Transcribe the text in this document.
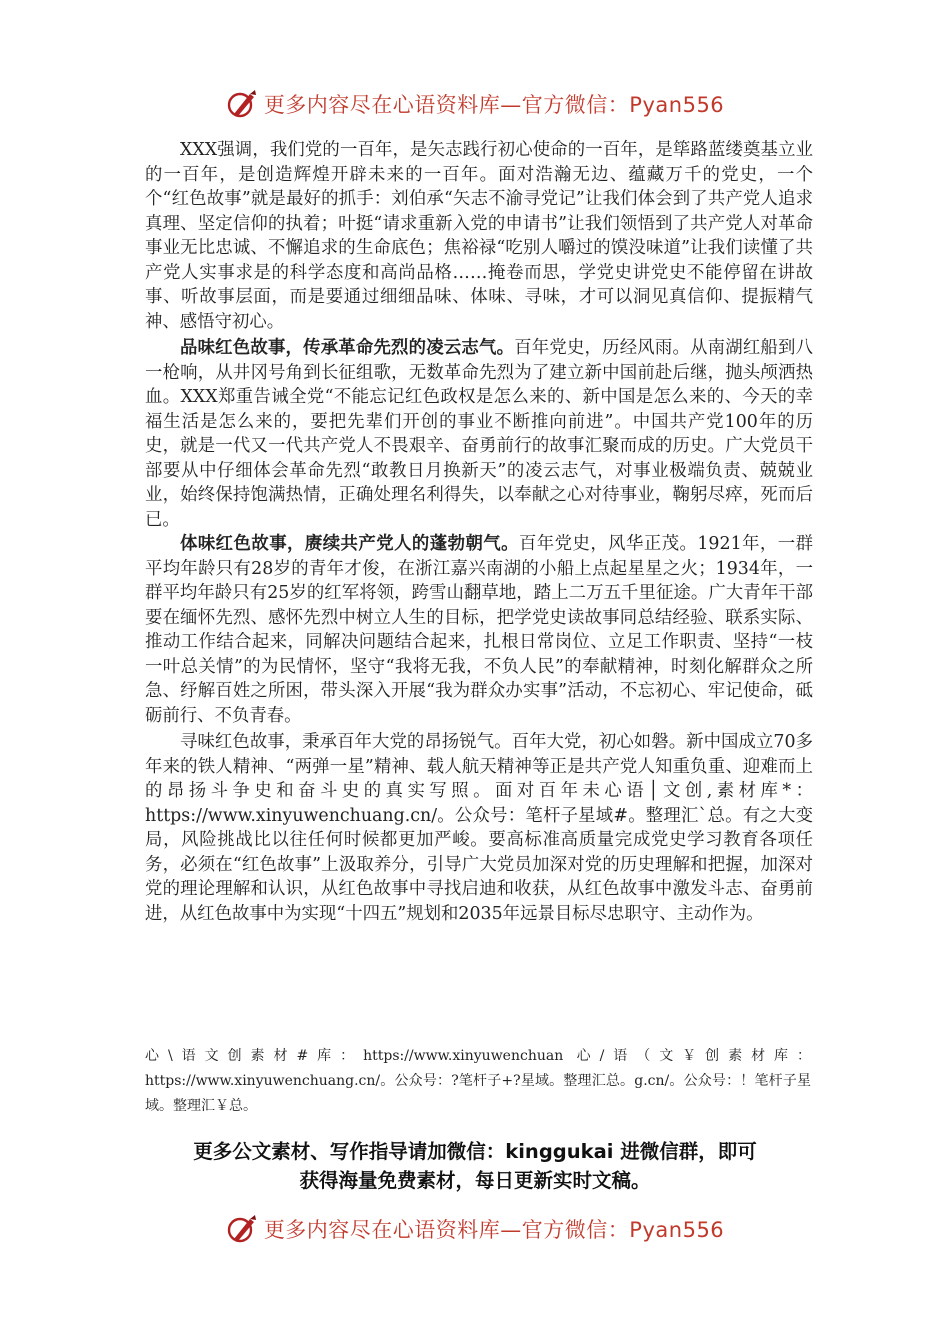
更多内容尽在心语资料库—官方微信：Pyan556

XXX强调，我们党的一百年，是矢志践行初心使命的一百年，是筚路蓝缕奠基立业的一百年，是创造辉煌开辟未来的一百年。面对浩瀚无边、蕴藏万千的党史，一个个“红色故事”就是最好的抓手：刘伯承“矢志不渝寻党记”让我们体会到了共产党人追求真理、坚定信仰的执着；叶挺“请求重新入党的申请书”让我们领悟到了共产党人对革命事业无比忠诚、不懈追求的生命底色；焦裕禄“吃别人嚼过的馍没味道”让我们读懂了共产党人实事求是的科学态度和高尚品格……掩卷而思，学党史讲党史不能停留在讲故事、听故事层面，而是要通过细细品味、体味、寻味，才可以洞见真信仰、提振精气神、感悟守初心。

品味红色故事，传承革命先烈的凌云志气。百年党史，历经风雨。从南湖红船到八一枪响，从井冈号角到长征组歌，无数革命先烈为了建立新中国前赴后继，抛头颅洒热血。XXX郑重告诫全党“不能忘记红色政权是怎么来的、新中国是怎么来的、今天的幸福生活是怎么来的，要把先辈们开创的事业不断推向前进”。中国共产党100年的历史，就是一代又一代共产党人不畏艰辛、奋勇前行的故事汇聚而成的历史。广大党员干部要从中仔细体会革命先烈“敢教日月换新天”的凌云志气，对事业极端负责、兢兢业业，始终保持饱满热情，正确处理名利得失，以奉献之心对待事业，鞠躬尽瘁，死而后已。

体味红色故事，赓续共产党人的蓬勃朝气。百年党史，风华正茂。1921年，一群平均年龄只有28岁的青年才俊，在浙江嘉兴南湖的小船上点起星星之火；1934年，一群平均年龄只有25岁的红军将领，跨雪山翻草地，踏上二万五千里征途。广大青年干部要在缅怀先烈、感怀先烈中树立人生的目标，把学党史读故事同总结经验、联系实际、推动工作结合起来，同解决问题结合起来，扎根日常岗位、立足工作职责、坚持“一枝一叶总关情”的为民情怀，坚守“我将无我，不负人民”的奉献精神，时刻化解群众之所急、纾解百姓之所困，带头深入开展“我为群众办实事”活动，不忘初心、牢记使命，砥砺前行、不负青春。

寻味红色故事，秉承百年大党的昂扬锐气。百年大党，初心如磐。新中国成立70多年来的铁人精神、“两弹一星”精神、载人航天精神等正是共产党人知重负重、迎难而上的昂扬斗争史和奋斗史的真实写照。面对百年未心语│文创,素材库*：https://www.xinyuwenchuang.cn/。公众号：笔杆子星域#。整理汇`总。有之大变局，风险挑战比以往任何时候都更加严峻。要高标准高质量完成党史学习教育各项任务，必须在“红色故事”上汲取养分，引导广大党员加深对党的历史理解和把握，加深对党的理论理解和认识，从红色故事中寻找启迪和收获，从红色故事中激发斗志、奋勇前进，从红色故事中为实现“十四五”规划和2035年远景目标尽忠职守、主动作为。

心\语文创素材#库：https://www.xinyuwenchuan 心/语（文￥创素材库：https://www.xinyuwenchuang.cn/。公众号：?笔杆子+?星域。整理汇总。g.cn/。公众号：！笔杆子星域。整理汇￥总。
更多公文素材、写作指导请加微信：kinggukai 进微信群，即可
获得海量免费素材，每日更新实时文稿。
更多内容尽在心语资料库—官方微信：Pyan556
